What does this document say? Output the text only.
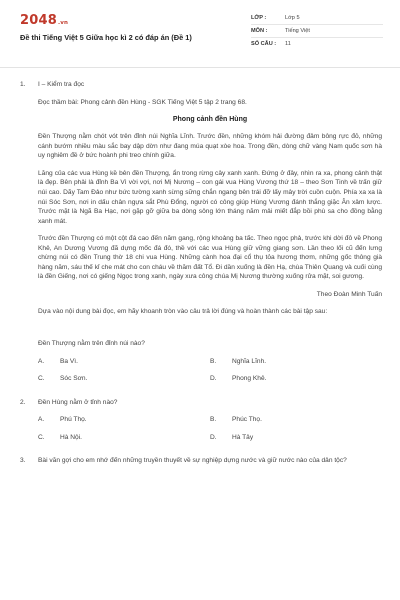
2048.vn
Đề thi Tiếng Việt 5 Giữa học kì 2 có đáp án (Đề 1)
LỚP :	Lớp 5
MÔN :	Tiếng Việt
SỐ CÂU :	11
1.	I – Kiểm tra đọc
Đọc thầm bài: Phong cảnh đền Hùng - SGK Tiếng Việt 5 tập 2 trang 68.
Phong cảnh đền Hùng
Đền Thượng nằm chót vót trên đỉnh núi Nghĩa Lĩnh. Trước đền, những khóm hải đường đâm bông rực đỏ, những cánh bướm nhiều màu sắc bay dập dờn như đang múa quạt xòe hoa. Trong đền, dòng chữ vàng Nam quốc sơn hà uy nghiêm đề ở bức hoành phi treo chính giữa.
Lăng của các vua Hùng kề bên đền Thượng, ẩn trong rừng cây xanh xanh. Đứng ở đây, nhìn ra xa, phong cảnh thật là đẹp. Bên phải là đỉnh Ba Vì vời vợi, nơi Mị Nương – con gái vua Hùng Vương thứ 18 – theo Sơn Tinh về trấn giữ núi cao. Dãy Tam Đảo như bức tường xanh sừng sững chắn ngang bên trái đỡ lấy mây trời cuồn cuộn. Phía xa xa là núi Sóc Sơn, nơi in dấu chân ngựa sắt Phù Đổng, người có công giúp Hùng Vương đánh thắng giặc Ân xâm lược. Trước mặt là Ngã Ba Hạc, nơi gặp gỡ giữa ba dòng sông lớn tháng năm mải miết đắp bồi phù sa cho đồng bằng xanh mát.
Trước đền Thượng có một cột đá cao đến năm gang, rộng khoảng ba tấc. Theo ngọc phả, trước khi dời đô về Phong Khê, An Dương Vương đã dựng mốc đá đó, thề với các vua Hùng giữ vững giang sơn. Lần theo lối cũ đến lưng chừng núi có đền Trung thờ 18 chi vua Hùng. Những cành hoa đại cổ thụ tỏa hương thơm, những gốc thông già hàng năm, sáu thế kỉ che mát cho con cháu về thăm đất Tổ. Đi dần xuống là đền Hạ, chùa Thiên Quang và cuối cùng là đền Giếng, nơi có giếng Ngọc trong xanh, ngày xưa công chúa Mị Nương thường xuống rửa mặt, soi gương.
Theo Đoàn Minh Tuấn
Dựa vào nội dung bài đọc, em hãy khoanh tròn vào câu trả lời đúng và hoàn thành các bài tập sau:
Đền Thượng nằm trên đỉnh núi nào?
A.	Ba Vì.	B.	Nghĩa Lĩnh.
C.	Sóc Sơn.	D.	Phong Khê.
2.	Đền Hùng nằm ở tỉnh nào?
A.	Phú Thọ.	B.	Phúc Thọ.
C.	Hà Nội.	D.	Hà Tây
3.	Bài văn gợi cho em nhớ đến những truyền thuyết về sự nghiệp dựng nước và giữ nước nào của dân tộc?
